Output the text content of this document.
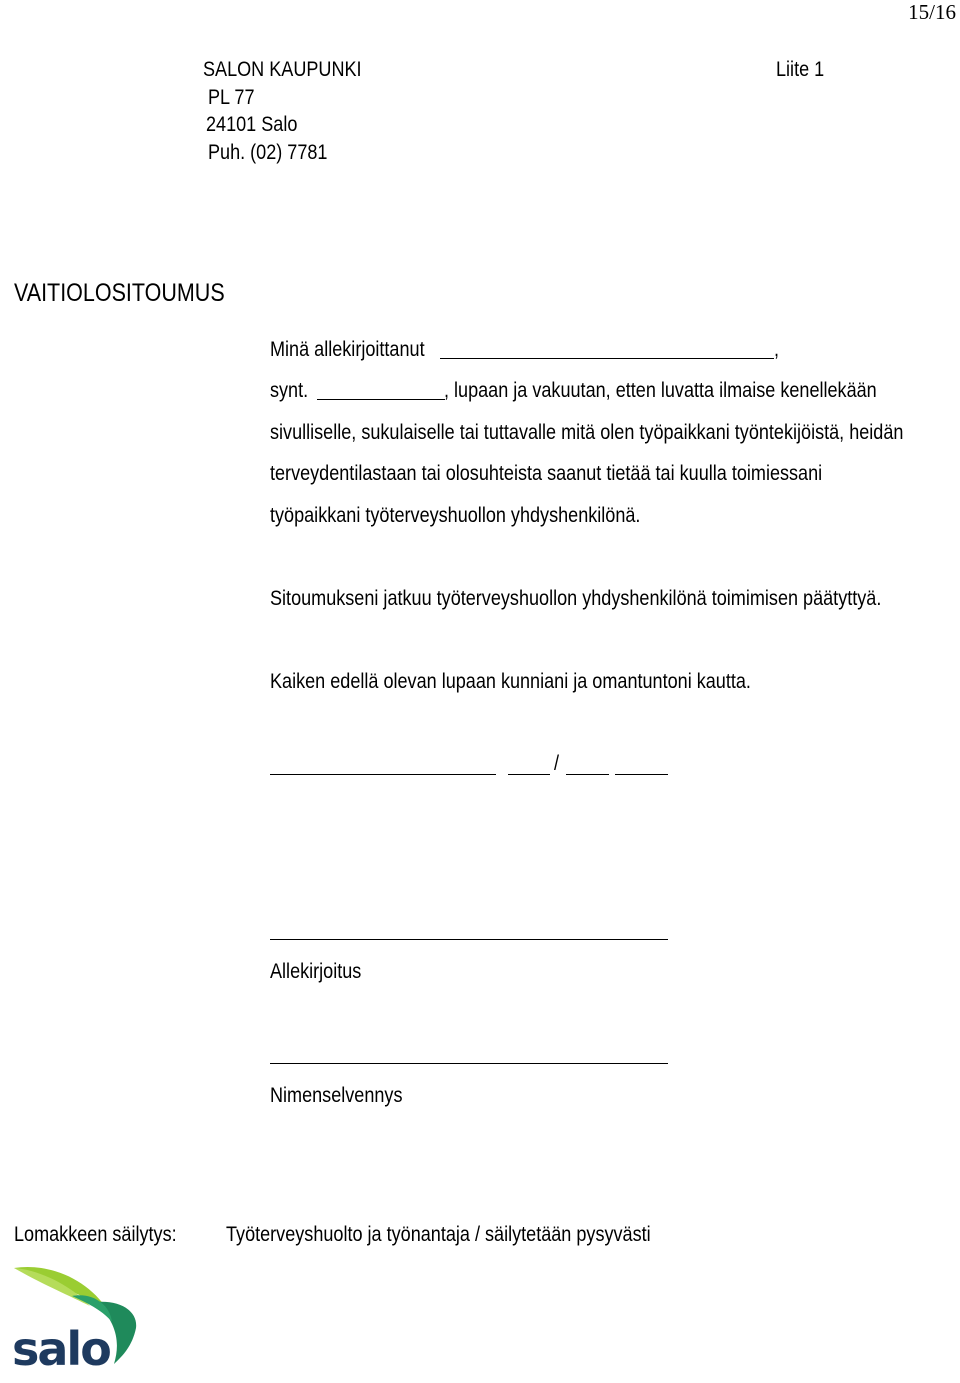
15/16
SALON KAUPUNKI	Liite 1
PL 77
24101 Salo
Puh. (02) 7781
VAITIOLOSITOUMUS
Minä allekirjoittanut	,
synt.	, lupaan ja vakuutan, etten luvatta ilmaise kenellekään
sivulliselle, sukulaiselle tai tuttavalle mitä olen työpaikkani työntekijöistä, heidän
terveydentilastaan tai olosuhteista saanut tietää tai kuulla toimiessani
työpaikkani työterveyshuollon yhdyshenkilönä.
Sitoumukseni jatkuu työterveyshuollon yhdyshenkilönä toimimisen päätyttyä.
Kaiken edellä olevan lupaan kunniani ja omantuntoni kautta.
/
Allekirjoitus
Nimenselvennys
Lomakkeen säilytys: Työterveyshuolto ja työnantaja / säilytetään pysyvästi
salo
